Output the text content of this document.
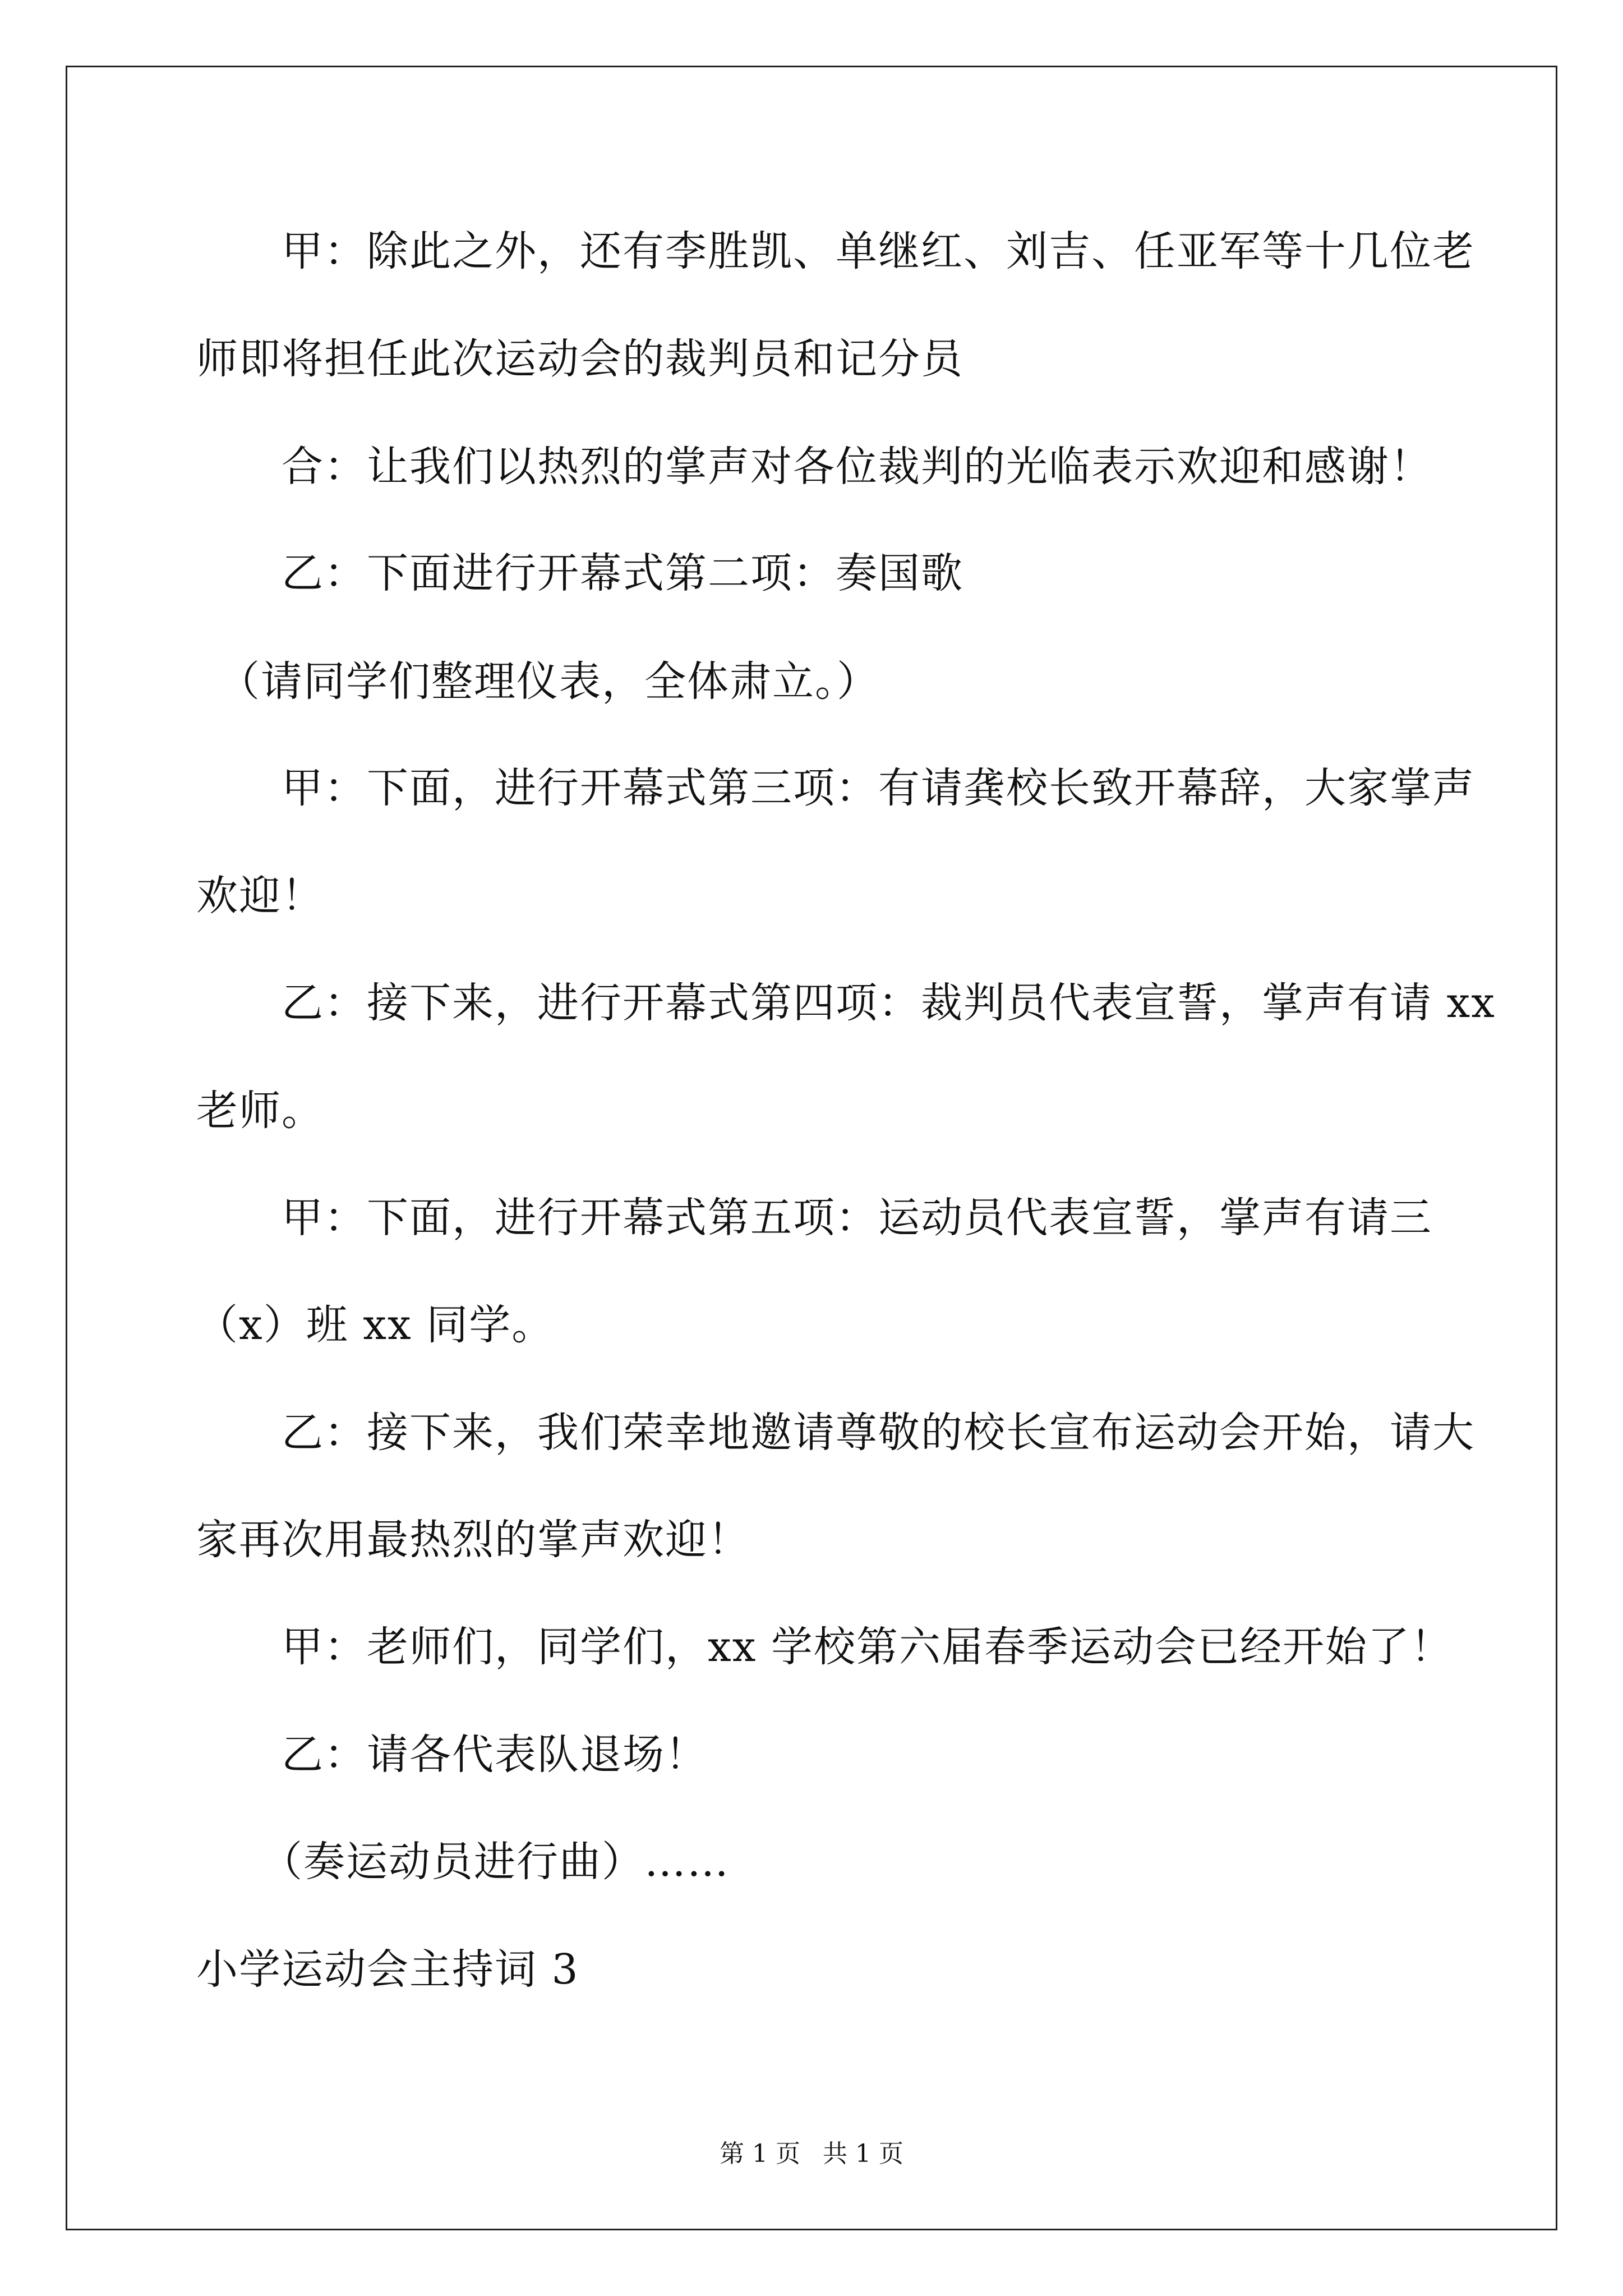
　　甲：除此之外，还有李胜凯、单继红、刘吉、任亚军等十几位老
师即将担任此次运动会的裁判员和记分员
　　合：让我们以热烈的掌声对各位裁判的光临表示欢迎和感谢！
　　乙：下面进行开幕式第二项：奏国歌
　（请同学们整理仪表，全体肃立。）
　　甲：下面，进行开幕式第三项：有请龚校长致开幕辞，大家掌声
欢迎！
　　乙：接下来，进行开幕式第四项：裁判员代表宣誓，掌声有请 xx
老师。
　　甲：下面，进行开幕式第五项：运动员代表宣誓，掌声有请三
（x）班 xx 同学。
　　乙：接下来，我们荣幸地邀请尊敬的校长宣布运动会开始，请大
家再次用最热烈的掌声欢迎！
　　甲：老师们，同学们，xx 学校第六届春季运动会已经开始了！
　　乙：请各代表队退场！
　　（奏运动员进行曲）……
小学运动会主持词 3
第 1 页 共 1 页
